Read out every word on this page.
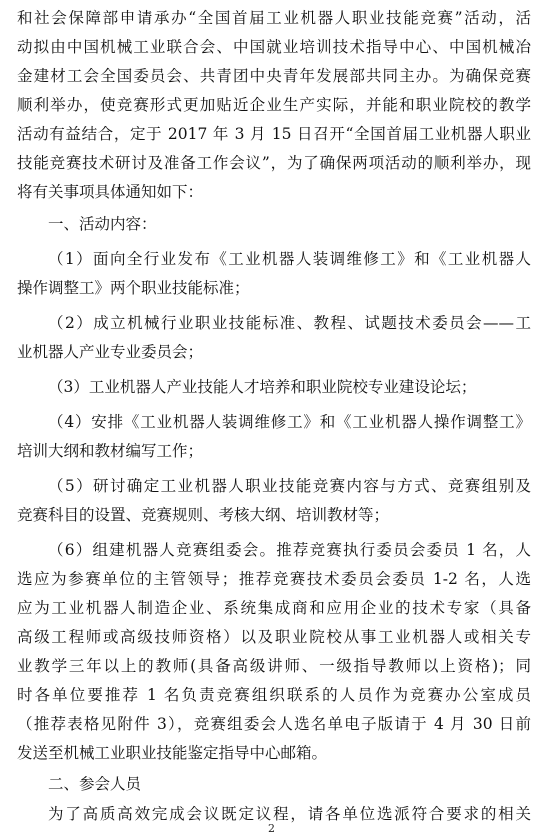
和社会保障部申请承办“全国首届工业机器人职业技能竞赛”活动，活
动拟由中国机械工业联合会、中国就业培训技术指导中心、中国机械冶
金建材工会全国委员会、共青团中央青年发展部共同主办。为确保竞赛
顺利举办，使竞赛形式更加贴近企业生产实际，并能和职业院校的教学
活动有益结合，定于 2017 年 3 月 15 日召开“全国首届工业机器人职业
技能竞赛技术研讨及准备工作会议”，为了确保两项活动的顺利举办，现
将有关事项具体通知如下：
一、活动内容：
（1）面向全行业发布《工业机器人装调维修工》和《工业机器人
操作调整工》两个职业技能标准；
（2）成立机械行业职业技能标准、教程、试题技术委员会——工
业机器人产业专业委员会；
（3）工业机器人产业技能人才培养和职业院校专业建设论坛；
（4）安排《工业机器人装调维修工》和《工业机器人操作调整工》
培训大纲和教材编写工作；
（5）研讨确定工业机器人职业技能竞赛内容与方式、竞赛组别及
竞赛科目的设置、竞赛规则、考核大纲、培训教材等；
（6）组建机器人竞赛组委会。推荐竞赛执行委员会委员 1 名，人
选应为参赛单位的主管领导；推荐竞赛技术委员会委员 1-2 名，人选
应为工业机器人制造企业、系统集成商和应用企业的技术专家（具备
高级工程师或高级技师资格）以及职业院校从事工业机器人或相关专
业教学三年以上的教师(具备高级讲师、一级指导教师以上资格)；同
时各单位要推荐 1 名负责竞赛组织联系的人员作为竞赛办公室成员
（推荐表格见附件 3），竞赛组委会人选名单电子版请于 4 月 30 日前
发送至机械工业职业技能鉴定指导中心邮箱。
二、参会人员
为了高质高效完成会议既定议程，请各单位选派符合要求的相关
2
